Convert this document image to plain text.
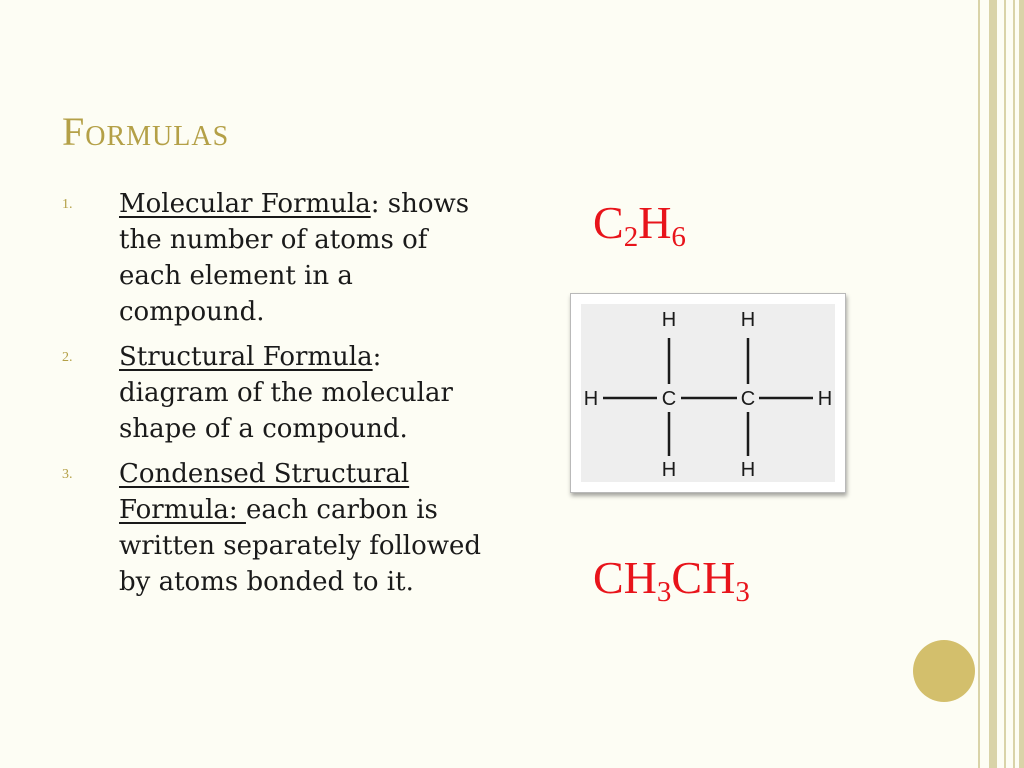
Formulas
1.	Molecular Formula: shows the number of atoms of each element in a compound.
2.	Structural Formula: diagram of the molecular shape of a compound.
3.	Condensed Structural Formula: each carbon is written separately followed by atoms bonded to it.
$C_2H_6$
H	H
H	C	C	H
H	H
$CH_3CH_3$
